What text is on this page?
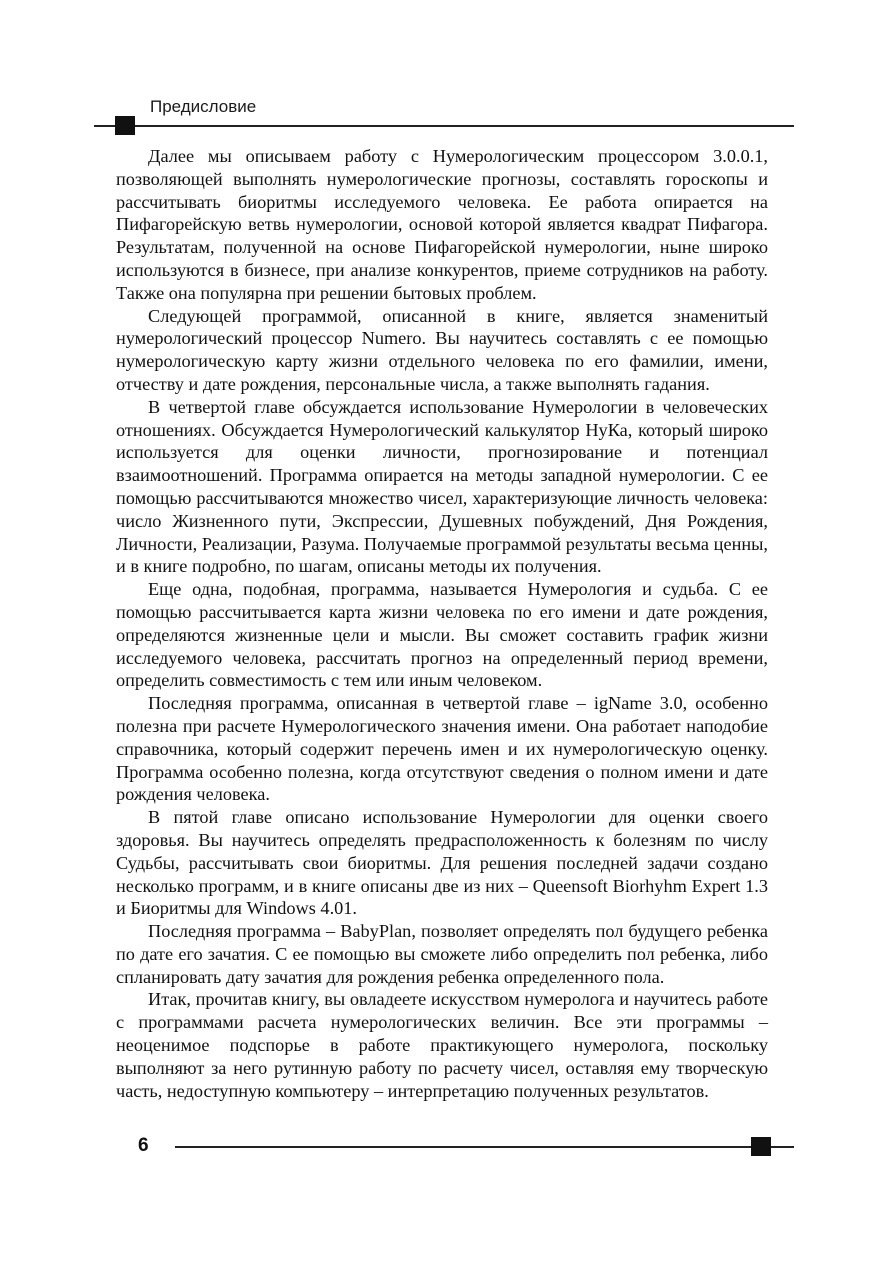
Предисловие

Далее мы описываем работу с Нумерологическим процессором 3.0.0.1, позволяющей выполнять нумерологические прогнозы, составлять гороскопы и рассчитывать биоритмы исследуемого человека. Ее работа опирается на Пифагорейскую ветвь нумерологии, основой которой является квадрат Пифагора. Результатам, полученной на основе Пифагорейской нумерологии, ныне широко используются в бизнесе, при анализе конкурентов, приеме сотрудников на работу. Также она популярна при решении бытовых проблем.

Следующей программой, описанной в книге, является знаменитый нумерологический процессор Numero. Вы научитесь составлять с ее помощью нумерологическую карту жизни отдельного человека по его фамилии, имени, отчеству и дате рождения, персональные числа, а также выполнять гадания.

В четвертой главе обсуждается использование Нумерологии в человеческих отношениях. Обсуждается Нумерологический калькулятор НуКа, который широко используется для оценки личности, прогнозирование и потенциал взаимоотношений. Программа опирается на методы западной нумерологии. С ее помощью рассчитываются множество чисел, характеризующие личность человека: число Жизненного пути, Экспрессии, Душевных побуждений, Дня Рождения, Личности, Реализации, Разума. Получаемые программой результаты весьма ценны, и в книге подробно, по шагам, описаны методы их получения.

Еще одна, подобная, программа, называется Нумерология и судьба. С ее помощью рассчитывается карта жизни человека по его имени и дате рождения, определяются жизненные цели и мысли. Вы сможет составить график жизни исследуемого человека, рассчитать прогноз на определенный период времени, определить совместимость с тем или иным человеком.

Последняя программа, описанная в четвертой главе – igName 3.0, особенно полезна при расчете Нумерологического значения имени. Она работает наподобие справочника, который содержит перечень имен и их нумерологическую оценку. Программа особенно полезна, когда отсутствуют сведения о полном имени и дате рождения человека.

В пятой главе описано использование Нумерологии для оценки своего здоровья. Вы научитесь определять предрасположенность к болезням по числу Судьбы, рассчитывать свои биоритмы. Для решения последней задачи создано несколько программ, и в книге описаны две из них – Queensoft Biorhyhm Expert 1.3 и Биоритмы для Windows 4.01.

Последняя программа – BabyPlan, позволяет определять пол будущего ребенка по дате его зачатия. С ее помощью вы сможете либо определить пол ребенка, либо спланировать дату зачатия для рождения ребенка определенного пола.

Итак, прочитав книгу, вы овладеете искусством нумеролога и научитесь работе с программами расчета нумерологических величин. Все эти программы – неоценимое подспорье в работе практикующего нумеролога, поскольку выполняют за него рутинную работу по расчету чисел, оставляя ему творческую часть, недоступную компьютеру – интерпретацию полученных результатов.

6
